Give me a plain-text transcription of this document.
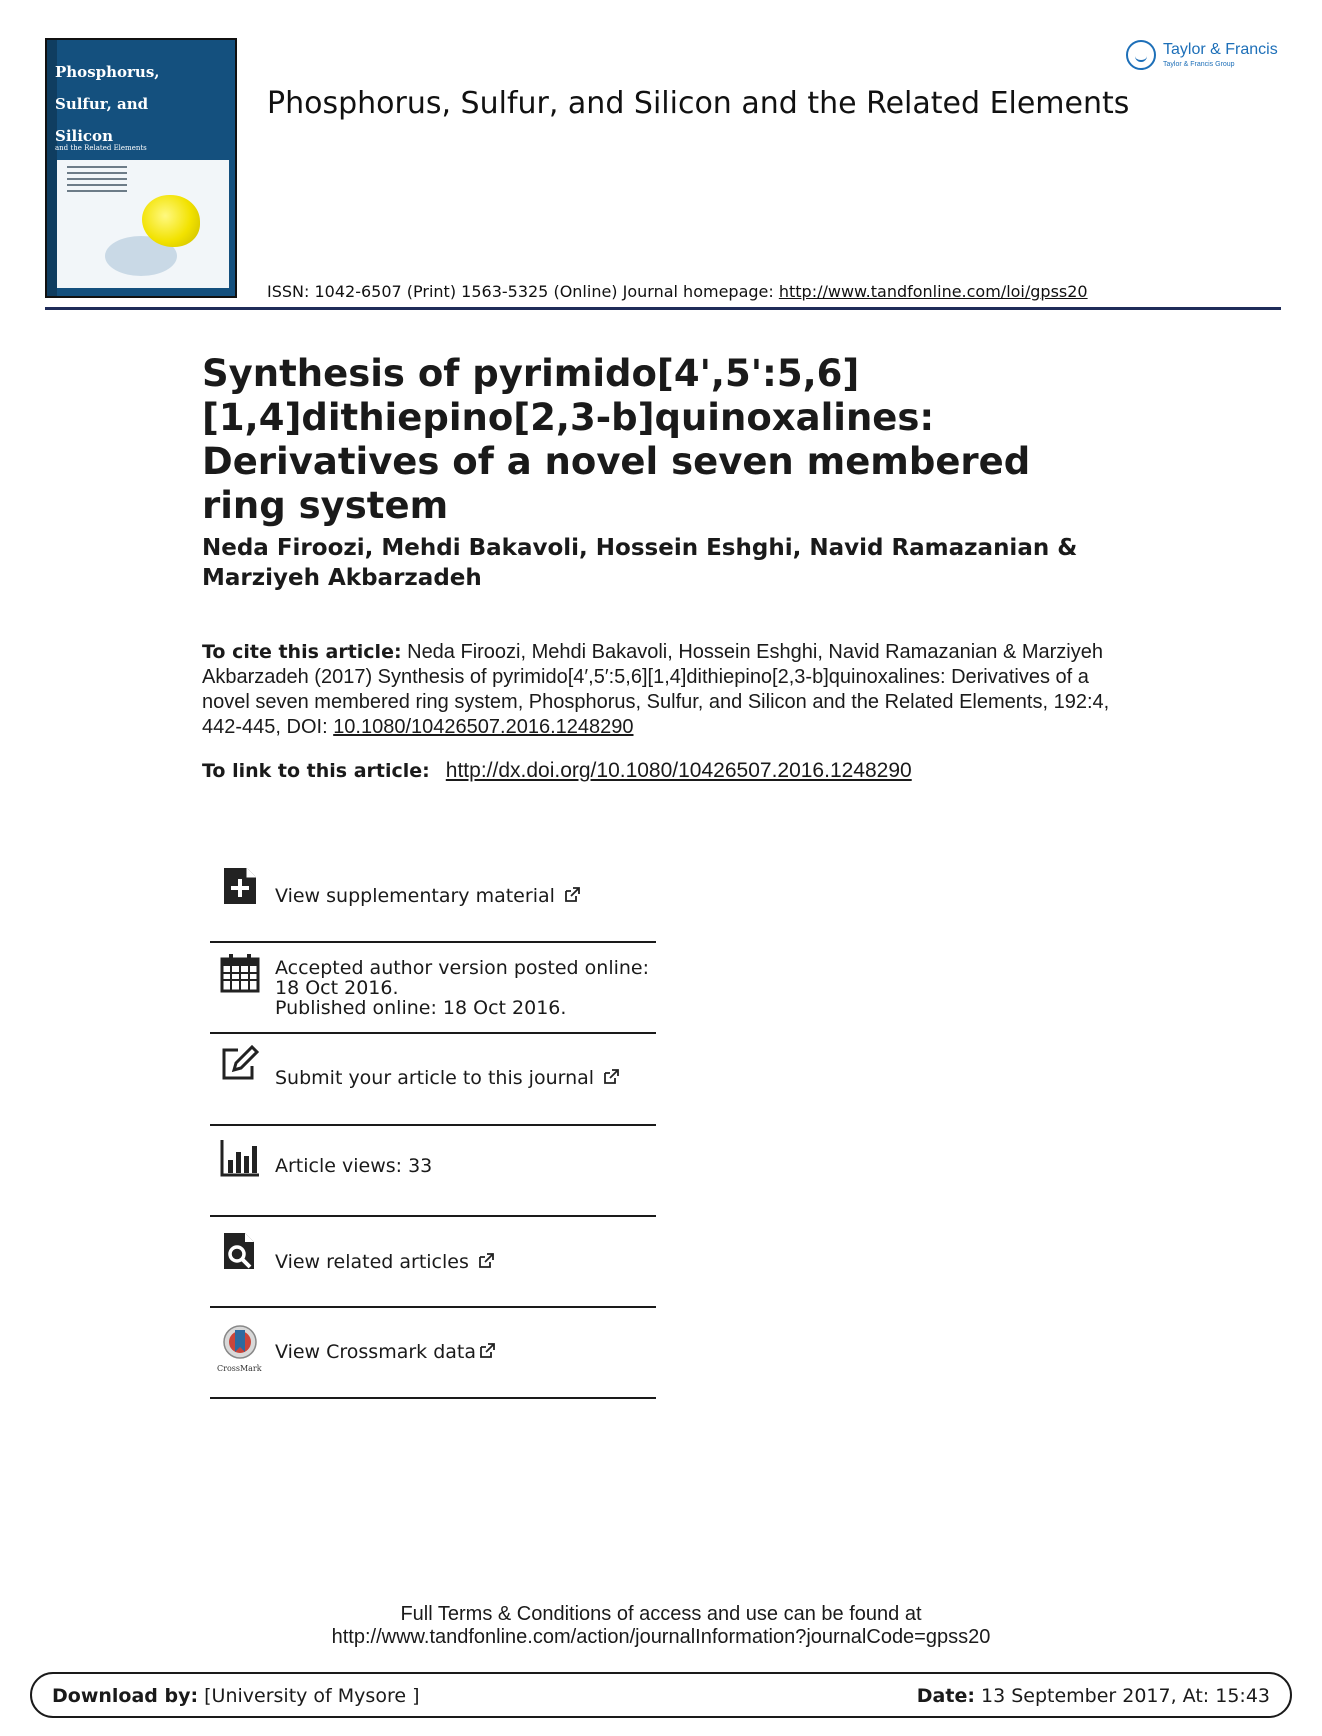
Phosphorus,
Sulfur, and
Silicon
and the Related Elements
Taylor & Francis
Taylor & Francis Group
Phosphorus, Sulfur, and Silicon and the Related Elements
ISSN: 1042-6507 (Print) 1563-5325 (Online) Journal homepage: http://www.tandfonline.com/loi/gpss20
Synthesis of pyrimido[4',5':5,6][1,4]dithiepino[2,3-b]quinoxalines: Derivatives of a novel seven membered ring system
Neda Firoozi, Mehdi Bakavoli, Hossein Eshghi, Navid Ramazanian & Marziyeh Akbarzadeh
To cite this article: Neda Firoozi, Mehdi Bakavoli, Hossein Eshghi, Navid Ramazanian & Marziyeh Akbarzadeh (2017) Synthesis of pyrimido[4′,5′:5,6][1,4]dithiepino[2,3-b]quinoxalines: Derivatives of a novel seven membered ring system, Phosphorus, Sulfur, and Silicon and the Related Elements, 192:4, 442-445, DOI: 10.1080/10426507.2016.1248290
To link to this article: http://dx.doi.org/10.1080/10426507.2016.1248290
View supplementary material
Accepted author version posted online: 18 Oct 2016.
Published online: 18 Oct 2016.
Submit your article to this journal
Article views: 33
View related articles
CrossMark
View Crossmark data
Full Terms & Conditions of access and use can be found at
http://www.tandfonline.com/action/journalInformation?journalCode=gpss20
Download by: [University of Mysore ]	Date: 13 September 2017, At: 15:43
